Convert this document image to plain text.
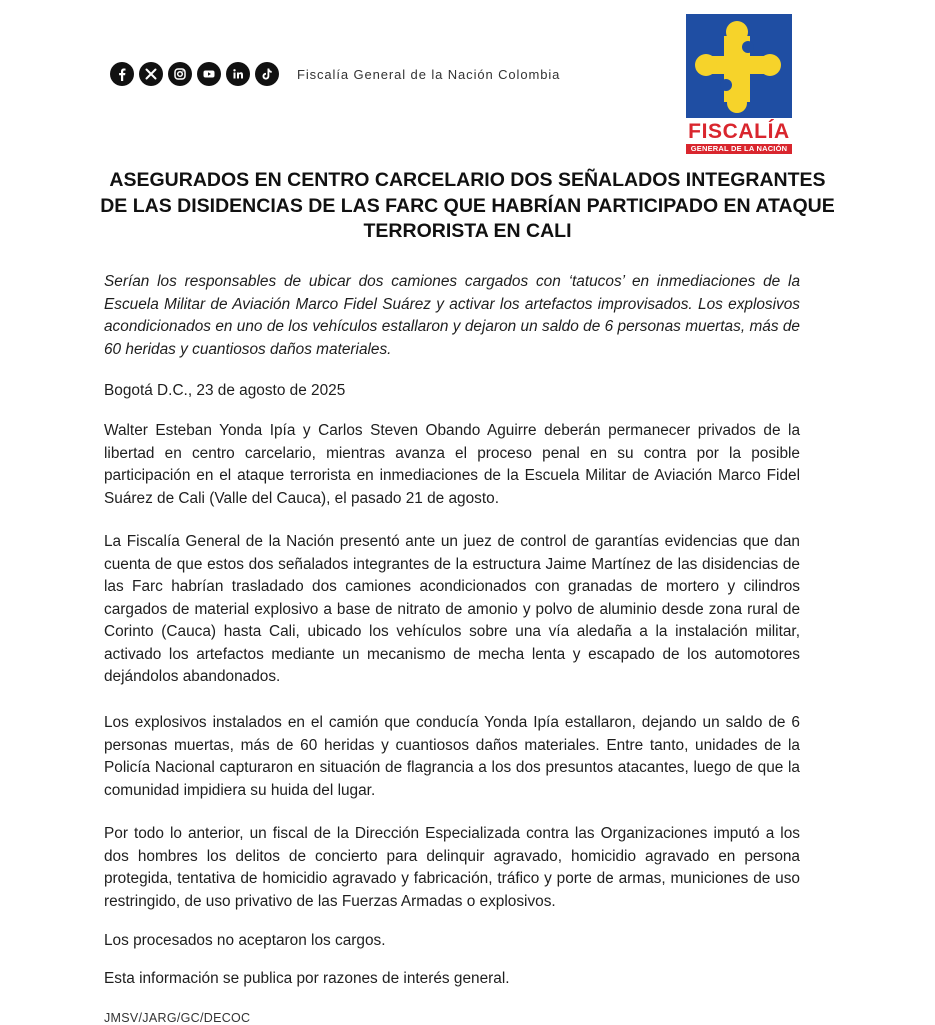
Fiscalía General de la Nación Colombia
FISCALÍA
GENERAL DE LA NACIÓN
ASEGURADOS EN CENTRO CARCELARIO DOS SEÑALADOS INTEGRANTES DE LAS DISIDENCIAS DE LAS FARC QUE HABRÍAN PARTICIPADO EN ATAQUE TERRORISTA EN CALI

Serían los responsables de ubicar dos camiones cargados con ‘tatucos’ en inmediaciones de la Escuela Militar de Aviación Marco Fidel Suárez y activar los artefactos improvisados. Los explosivos acondicionados en uno de los vehículos estallaron y dejaron un saldo de 6 personas muertas, más de 60 heridas y cuantiosos daños materiales.

Bogotá D.C., 23 de agosto de 2025

Walter Esteban Yonda Ipía y Carlos Steven Obando Aguirre deberán permanecer privados de la libertad en centro carcelario, mientras avanza el proceso penal en su contra por la posible participación en el ataque terrorista en inmediaciones de la Escuela Militar de Aviación Marco Fidel Suárez de Cali (Valle del Cauca), el pasado 21 de agosto.

La Fiscalía General de la Nación presentó ante un juez de control de garantías evidencias que dan cuenta de que estos dos señalados integrantes de la estructura Jaime Martínez de las disidencias de las Farc habrían trasladado dos camiones acondicionados con granadas de mortero y cilindros cargados de material explosivo a base de nitrato de amonio y polvo de aluminio desde zona rural de Corinto (Cauca) hasta Cali, ubicado los vehículos sobre una vía aledaña a la instalación militar, activado los artefactos mediante un mecanismo de mecha lenta y escapado de los automotores dejándolos abandonados.

Los explosivos instalados en el camión que conducía Yonda Ipía estallaron, dejando un saldo de 6 personas muertas, más de 60 heridas y cuantiosos daños materiales. Entre tanto, unidades de la Policía Nacional capturaron en situación de flagrancia a los dos presuntos atacantes, luego de que la comunidad impidiera su huida del lugar.

Por todo lo anterior, un fiscal de la Dirección Especializada contra las Organizaciones imputó a los dos hombres los delitos de concierto para delinquir agravado, homicidio agravado en persona protegida, tentativa de homicidio agravado y fabricación, tráfico y porte de armas, municiones de uso restringido, de uso privativo de las Fuerzas Armadas o explosivos.

Los procesados no aceptaron los cargos.

Esta información se publica por razones de interés general.

JMSV/JARG/GC/DECOC
